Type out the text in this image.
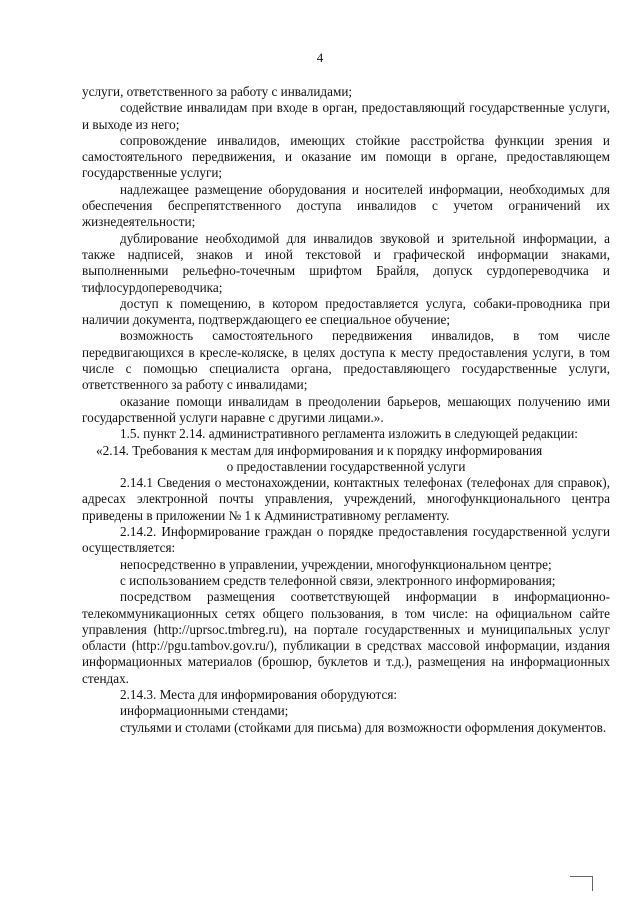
4

услуги, ответственного за работу с инвалидами;

содействие инвалидам при входе в орган, предоставляющий государственные услуги, и выходе из него;

сопровождение инвалидов, имеющих стойкие расстройства функции зрения и самостоятельного передвижения, и оказание им помощи в органе, предоставляющем государственные услуги;

надлежащее размещение оборудования и носителей информации, необходимых для обеспечения беспрепятственного доступа инвалидов с учетом ограничений их жизнедеятельности;

дублирование необходимой для инвалидов звуковой и зрительной информации, а также надписей, знаков и иной текстовой и графической информации знаками, выполненными рельефно-точечным шрифтом Брайля, допуск сурдопереводчика и тифлосурдопереводчика;

доступ к помещению, в котором предоставляется услуга, собаки-проводника при наличии документа, подтверждающего ее специальное обучение;

возможность самостоятельного передвижения инвалидов, в том числе передвигающихся в кресле-коляске, в целях доступа к месту предоставления услуги, в том числе с помощью специалиста органа, предоставляющего государственные услуги, ответственного за работу с инвалидами;

оказание помощи инвалидам в преодолении барьеров, мешающих получению ими государственной услуги наравне с другими лицами.».

1.5. пункт 2.14. административного регламента изложить в следующей редакции:

«2.14. Требования к местам для информирования и к порядку информирования

о предоставлении государственной услуги

2.14.1 Сведения о местонахождении, контактных телефонах (телефонах для справок), адресах электронной почты управления, учреждений, многофункционального центра приведены в приложении № 1 к Административному регламенту.

2.14.2. Информирование граждан о порядке предоставления государственной услуги осуществляется:

непосредственно в управлении, учреждении, многофункциональном центре;

с использованием средств телефонной связи, электронного информирования;

посредством размещения соответствующей информации в информационно-телекоммуникационных сетях общего пользования, в том числе: на официальном сайте управления (http://uprsoc.tmbreg.ru), на портале государственных и муниципальных услуг области (http://pgu.tambov.gov.ru/), публикации в средствах массовой информации, издания информационных материалов (брошюр, буклетов и т.д.), размещения на информационных стендах.

2.14.3. Места для информирования оборудуются:

информационными стендами;

стульями и столами (стойками для письма) для возможности оформления документов.
